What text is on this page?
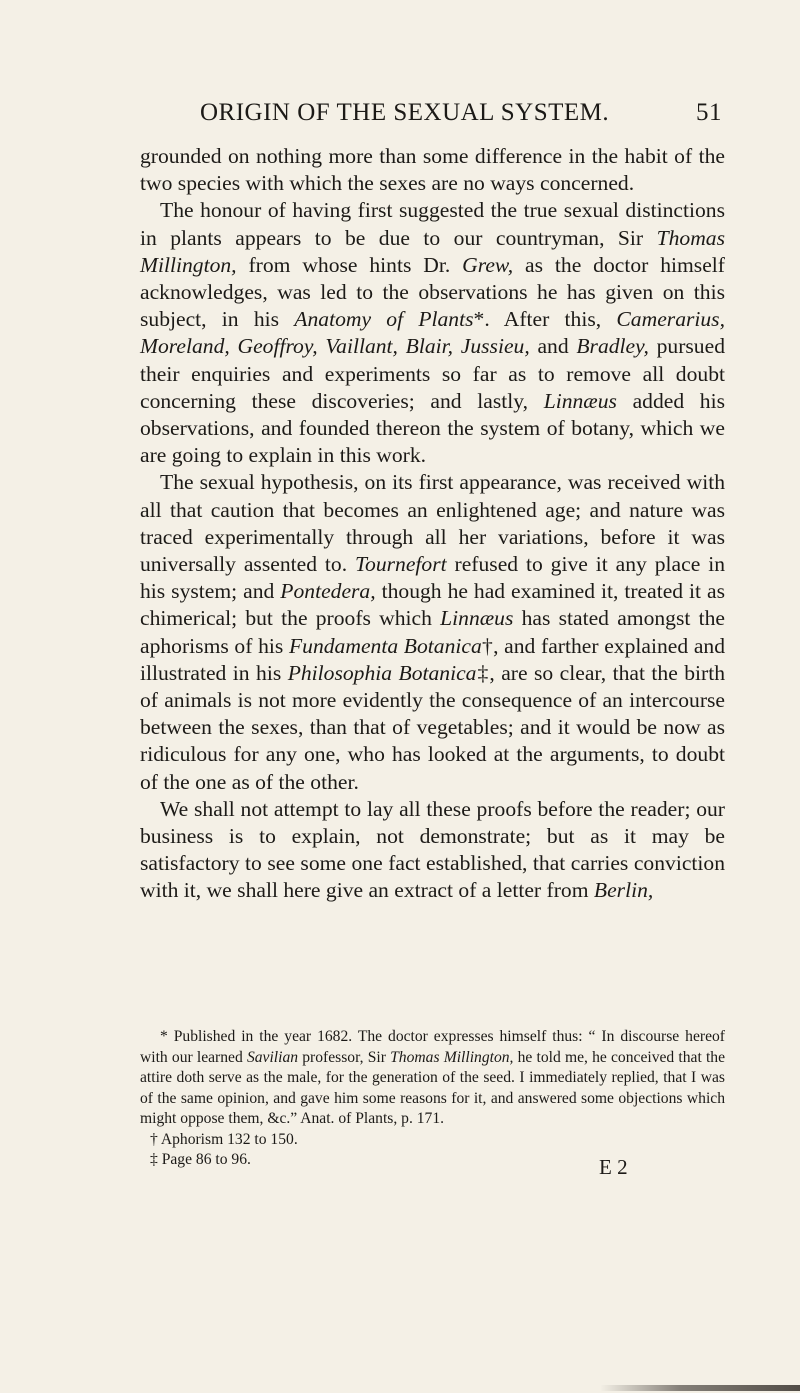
ORIGIN OF THE SEXUAL SYSTEM.	51

grounded on nothing more than some difference in the habit of the two species with which the sexes are no ways concerned.

The honour of having first suggested the true sexual distinctions in plants appears to be due to our countryman, Sir Thomas Millington, from whose hints Dr. Grew, as the doctor himself acknowledges, was led to the observations he has given on this subject, in his Anatomy of Plants*. After this, Camerarius, Moreland, Geoffroy, Vaillant, Blair, Jussieu, and Bradley, pursued their enquiries and experiments so far as to remove all doubt concerning these discoveries; and lastly, Linnæus added his observations, and founded thereon the system of botany, which we are going to explain in this work.

The sexual hypothesis, on its first appearance, was received with all that caution that becomes an enlightened age; and nature was traced experimentally through all her variations, before it was universally assented to. Tournefort refused to give it any place in his system; and Pontedera, though he had examined it, treated it as chimerical; but the proofs which Linnæus has stated amongst the aphorisms of his Fundamenta Botanica†, and farther explained and illustrated in his Philosophia Botanica‡, are so clear, that the birth of animals is not more evidently the consequence of an intercourse between the sexes, than that of vegetables; and it would be now as ridiculous for any one, who has looked at the arguments, to doubt of the one as of the other.

We shall not attempt to lay all these proofs before the reader; our business is to explain, not demonstrate; but as it may be satisfactory to see some one fact established, that carries conviction with it, we shall here give an extract of a letter from Berlin,

* Published in the year 1682. The doctor expresses himself thus: “ In discourse hereof with our learned Savilian professor, Sir Thomas Millington, he told me, he conceived that the attire doth serve as the male, for the generation of the seed. I immediately replied, that I was of the same opinion, and gave him some reasons for it, and answered some objections which might oppose them, &c.” Anat. of Plants, p. 171.

† Aphorism 132 to 150.

‡ Page 86 to 96.	E 2
